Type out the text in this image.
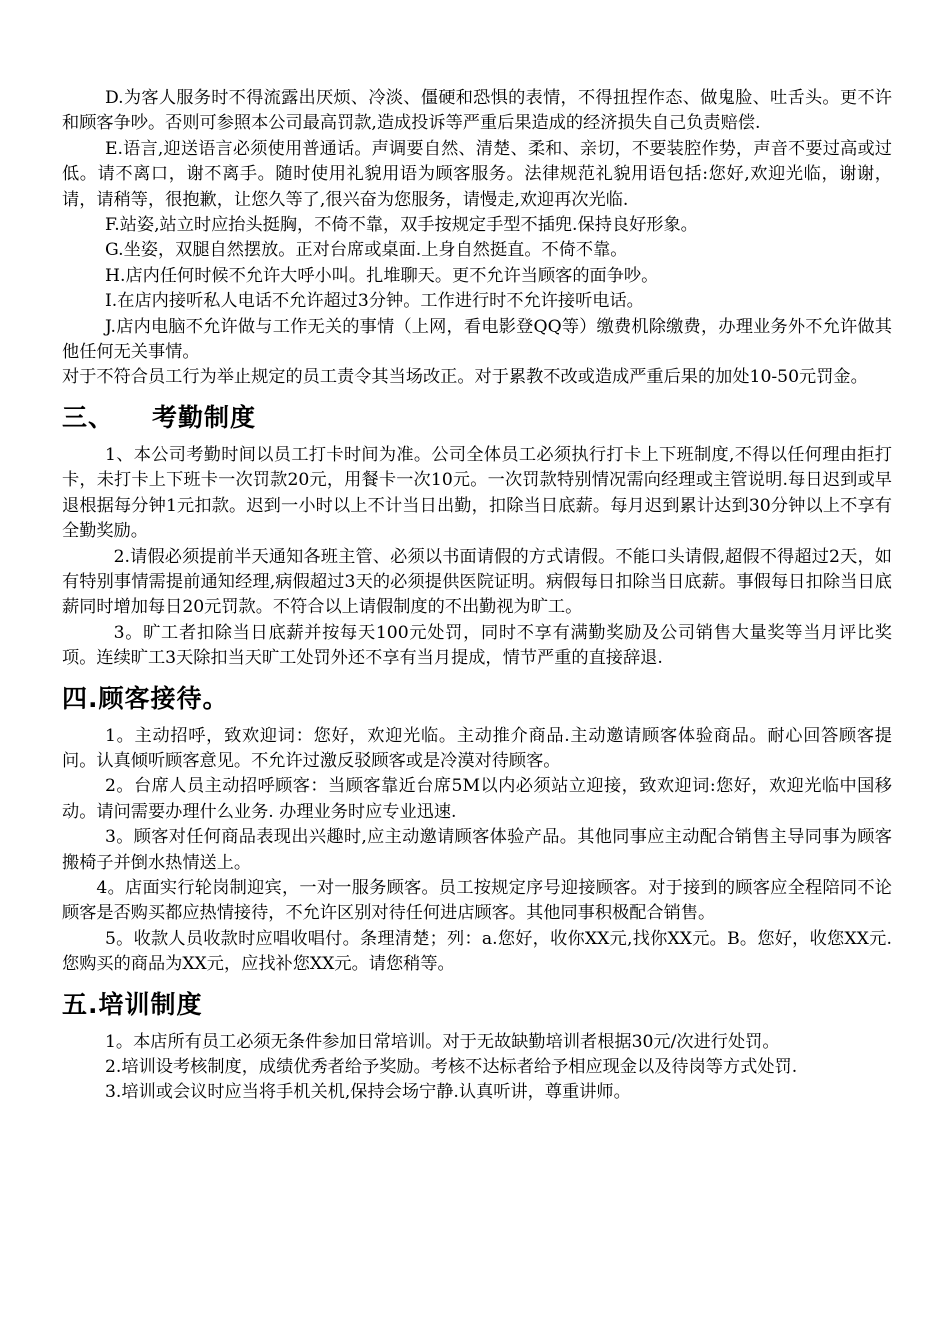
D.为客人服务时不得流露出厌烦、冷淡、僵硬和恐惧的表情，不得扭捏作态、做鬼脸、吐舌头。更不许和顾客争吵。否则可参照本公司最高罚款,造成投诉等严重后果造成的经济损失自己负责赔偿.

E.语言,迎送语言必须使用普通话。声调要自然、清楚、柔和、亲切，不要装腔作势，声音不要过高或过低。请不离口，谢不离手。随时使用礼貌用语为顾客服务。法律规范礼貌用语包括:您好,欢迎光临，谢谢，请，请稍等，很抱歉，让您久等了,很兴奋为您服务，请慢走,欢迎再次光临.

F.站姿,站立时应抬头挺胸，不倚不靠，双手按规定手型不插兜.保持良好形象。

G.坐姿，双腿自然摆放。正对台席或桌面.上身自然挺直。不倚不靠。

H.店内任何时候不允许大呼小叫。扎堆聊天。更不允许当顾客的面争吵。

I.在店内接听私人电话不允许超过3分钟。工作进行时不允许接听电话。

J.店内电脑不允许做与工作无关的事情（上网，看电影登QQ等）缴费机除缴费，办理业务外不允许做其他任何无关事情。

对于不符合员工行为举止规定的员工责令其当场改正。对于累教不改或造成严重后果的加处10-50元罚金。

三、 考勤制度

1、本公司考勤时间以员工打卡时间为准。公司全体员工必须执行打卡上下班制度,不得以任何理由拒打卡，未打卡上下班卡一次罚款20元，用餐卡一次10元。一次罚款特别情况需向经理或主管说明.每日迟到或早退根据每分钟1元扣款。迟到一小时以上不计当日出勤，扣除当日底薪。每月迟到累计达到30分钟以上不享有全勤奖励。

2.请假必须提前半天通知各班主管、必须以书面请假的方式请假。不能口头请假,超假不得超过2天，如有特别事情需提前通知经理,病假超过3天的必须提供医院证明。病假每日扣除当日底薪。事假每日扣除当日底薪同时增加每日20元罚款。不符合以上请假制度的不出勤视为旷工。

3。旷工者扣除当日底薪并按每天100元处罚，同时不享有满勤奖励及公司销售大量奖等当月评比奖项。连续旷工3天除扣当天旷工处罚外还不享有当月提成，情节严重的直接辞退.

四.顾客接待。

1。主动招呼，致欢迎词：您好，欢迎光临。主动推介商品.主动邀请顾客体验商品。耐心回答顾客提问。认真倾听顾客意见。不允许过激反驳顾客或是冷漠对待顾客。

2。台席人员主动招呼顾客：当顾客靠近台席5M以内必须站立迎接，致欢迎词:您好，欢迎光临中国移动。请问需要办理什么业务. 办理业务时应专业迅速.

3。顾客对任何商品表现出兴趣时,应主动邀请顾客体验产品。其他同事应主动配合销售主导同事为顾客搬椅子并倒水热情送上。

4。店面实行轮岗制迎宾，一对一服务顾客。员工按规定序号迎接顾客。对于接到的顾客应全程陪同不论顾客是否购买都应热情接待，不允许区别对待任何进店顾客。其他同事积极配合销售。

5。收款人员收款时应唱收唱付。条理清楚；列：a.您好，收你XX元,找你XX元。B。您好，收您XX元.您购买的商品为XX元，应找补您XX元。请您稍等。

五.培训制度

1。本店所有员工必须无条件参加日常培训。对于无故缺勤培训者根据30元/次进行处罚。

2.培训设考核制度，成绩优秀者给予奖励。考核不达标者给予相应现金以及待岗等方式处罚.

3.培训或会议时应当将手机关机,保持会场宁静.认真听讲，尊重讲师。
